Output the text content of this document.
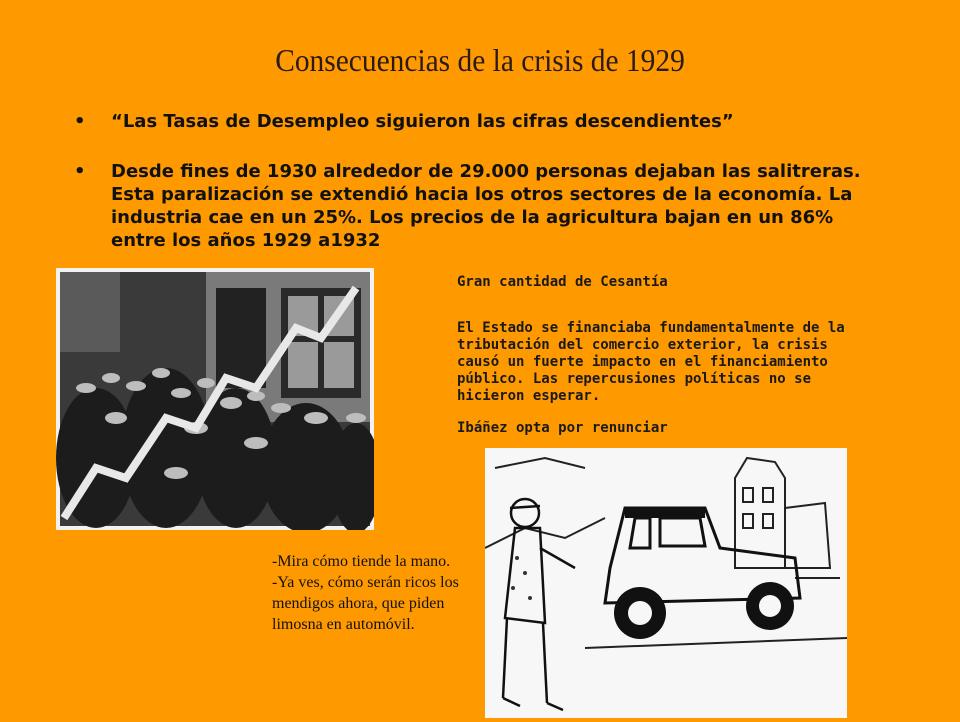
Consecuencias de la crisis de 1929
• “Las Tasas de Desempleo siguieron las cifras descendientes”
• Desde fines de 1930 alrededor de 29.000 personas dejaban las salitreras. Esta paralización se extendió hacia los otros sectores de la economía. La industria cae en un 25%. Los precios de la agricultura bajan en un 86% entre los años 1929 a1932
Gran cantidad de Cesantía
El Estado se financiaba fundamentalmente de la tributación del comercio exterior, la crisis causó un fuerte impacto en el financiamiento público. Las repercusiones políticas no se hicieron esperar.
Ibáñez opta por renunciar
-Mira cómo tiende la mano.
-Ya ves, cómo serán ricos los mendigos ahora, que piden limosna en automóvil.
